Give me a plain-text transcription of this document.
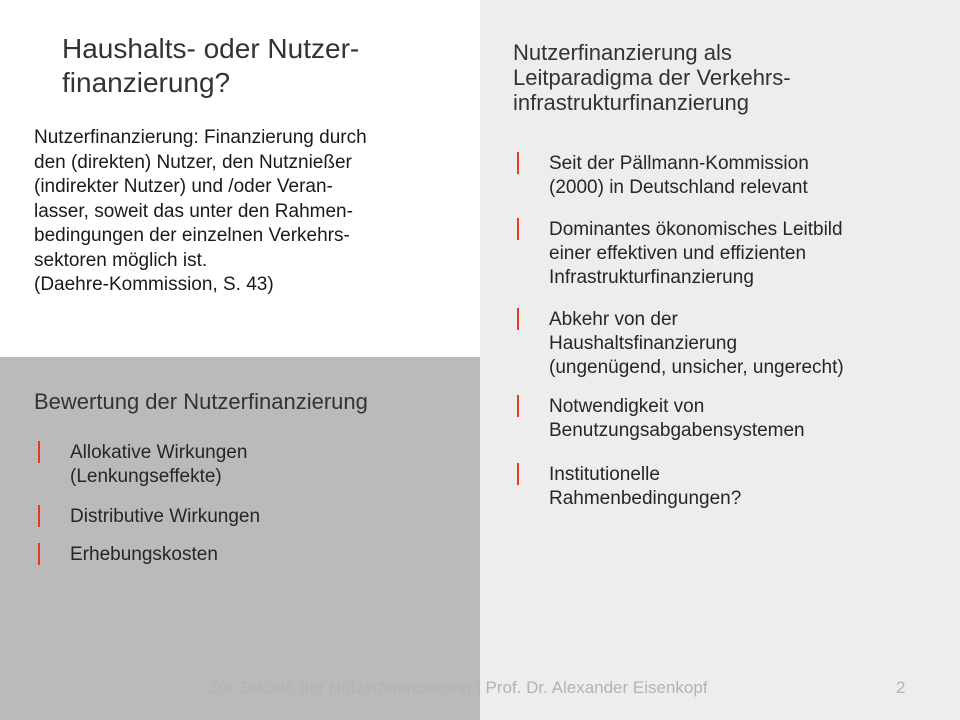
Haushalts- oder Nutzer-
finanzierung?
Nutzerfinanzierung: Finanzierung durch
den (direkten) Nutzer, den Nutznießer
(indirekter Nutzer) und /oder Veran-
lasser, soweit das unter den Rahmen-
bedingungen der einzelnen Verkehrs-
sektoren möglich ist.
(Daehre-Kommission, S. 43)
Bewertung der Nutzerfinanzierung
Allokative Wirkungen
(Lenkungseffekte)
Distributive Wirkungen
Erhebungskosten
Nutzerfinanzierung als
Leitparadigma der Verkehrs-
infrastrukturfinanzierung
Seit der Pällmann-Kommission
(2000) in Deutschland relevant
Dominantes ökonomisches Leitbild
einer effektiven und effizienten
Infrastrukturfinanzierung
Abkehr von der
Haushaltsfinanzierung
(ungenügend, unsicher, ungerecht)
Notwendigkeit von
Benutzungsabgabensystemen
Institutionelle
Rahmenbedingungen?
Zur Zukunft der Nutzerfinanzierung | Prof. Dr. Alexander Eisenkopf	2
